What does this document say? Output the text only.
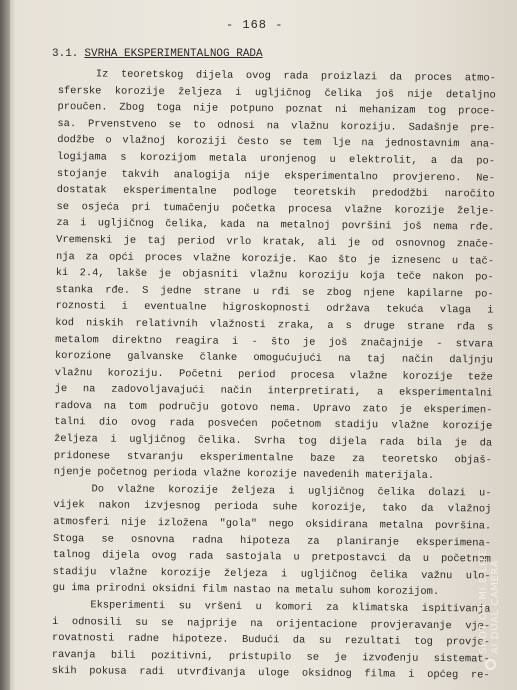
- 168 -
3.1. SVRHA EKSPERIMENTALNOG RADA
Iz teoretskog dijela ovog rada proizlazi da proces atmo-
sferske korozije željeza i ugljičnog čelika još nije detaljno
proučen. Zbog toga nije potpuno poznat ni mehanizam tog proce-
sa. Prvenstveno se to odnosi na vlažnu koroziju. Sadašnje pre-
dodžbe o vlažnoj koroziji često se tem lje na jednostavnim ana-
logijama s korozijom metala uronjenog u elektrolit, a da po-
stojanje takvih analogija nije eksperimentalno provjereno. Ne-
dostatak eksperimentalne podloge teoretskih predodžbi naročito
se osjeća pri tumačenju početka procesa vlažne korozije želje-
za i ugljičnog čelika, kada na metalnoj površini još nema rđe.
Vremenski je taj period vrlo kratak, ali je od osnovnog znače-
nja za opći proces vlažne korozije. Kao što je iznesenc u tač-
ki 2.4, lakše je objasniti vlažnu koroziju koja teče nakon po-
stanka rđe. S jedne strane u rđi se zbog njene kapilarne po-
roznosti i eventualne higroskopnosti održava tekuća vlaga i
kod niskih relativnih vlažnosti zraka, a s druge strane rđa s
metalom direktno reagira i - što je još značajnije - stvara
korozione galvanske članke omogućujući na taj način daljnju
vlažnu koroziju. Početni period procesa vlažne korozije teže
je na zadovoljavajući način interpretirati, a eksperimentalni
radova na tom području gotovo nema. Upravo zato je eksperimen-
talni dio ovog rada posvećen početnom stadiju vlažne korozije
željeza i ugljičnog čelika. Svrha tog dijela rada bila je da
pridonese stvaranju eksperimentalne baze za teoretsko objaš-
njenje početnog perioda vlažne korozije navedenih materijala.
Do vlažne korozije željeza i ugljičnog čelika dolazi u-
vijek nakon izvjesnog perioda suhe korozije, tako da vlažnoj
atmosferi nije izložena "gola" nego oksidirana metalna površina.
Stoga se osnovna radna hipoteza za planiranje eksperimena-
talnog dijela ovog rada sastojala u pretpostavci da u početnom
stadiju vlažne korozije željeza i ugljičnog čelika važnu ulo-
gu ima prirodni oksidni film nastao na metalu suhom korozijom.
Eksperimenti su vršeni u komori za klimatska ispitivanja
i odnosili su se najprije na orijentacione provjeravanje vje-
rovatnosti radne hipoteze. Budući da su rezultati tog provje-
ravanja bili pozitivni, pristupilo se je izvođenju sistemat-
skih pokusa radi utvrđivanja uloge oksidnog filma i općeg re-
SHOT ON MI 8 LITE AI DUAL CAMERA
